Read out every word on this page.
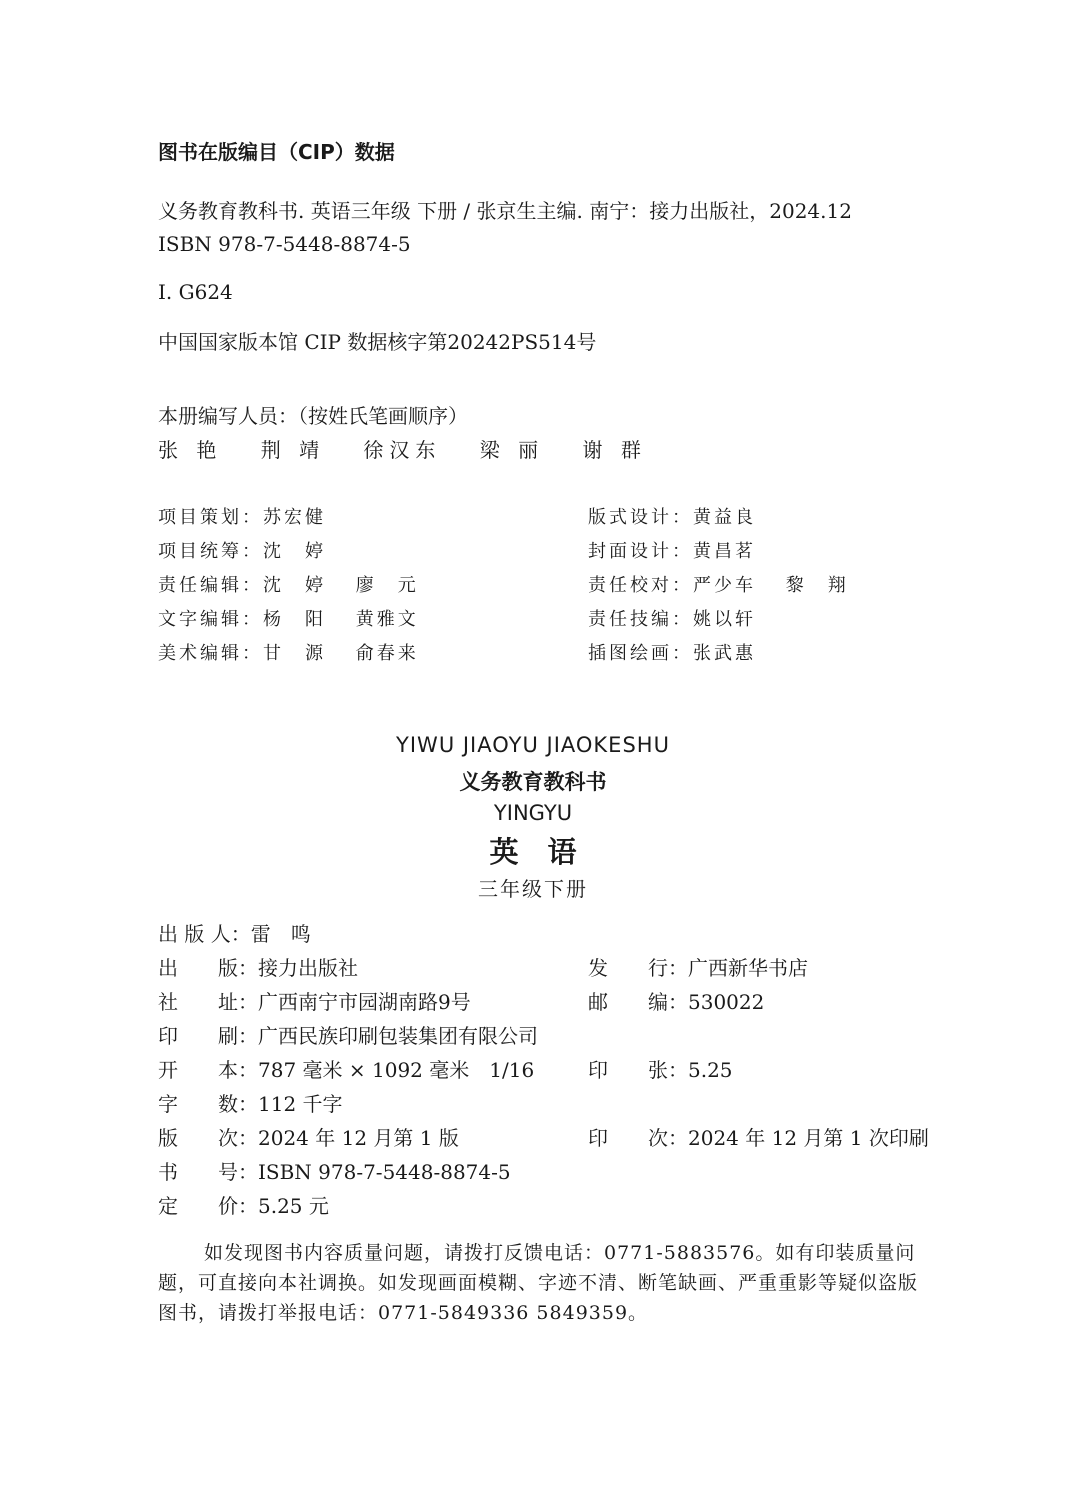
图书在版编目（CIP）数据
义务教育教科书. 英语三年级 下册 / 张京生主编. 南宁：接力出版社，2024.12
ISBN 978-7-5448-8874-5
I. G624
中国国家版本馆 CIP 数据核字第20242PS514号
本册编写人员：（按姓氏笔画顺序）
张 艳　 荆 靖　 徐汉东　 梁 丽　 谢 群
项目策划：苏宏健
项目统筹：沈　婷
责任编辑：沈　婷　 廖　元
文字编辑：杨　阳　 黄雅文
美术编辑：甘　源　 俞春来
版式设计：黄益良
封面设计：黄昌茗
责任校对：严少车　 黎　翔
责任技编：姚以轩
插图绘画：张武惠
YIWU JIAOYU JIAOKESHU
义务教育教科书
YINGYU
英　语
三年级下册
出 版 人：雷　鸣
出　　版：接力出版社
社　　址：广西南宁市园湖南路9号
印　　刷：广西民族印刷包装集团有限公司
开　　本：787 毫米 × 1092 毫米　1/16
字　　数：112 千字
版　　次：2024 年 12 月第 1 版
书　　号：ISBN 978-7-5448-8874-5
定　　价：5.25 元
发　　行：广西新华书店
邮　　编：530022
印　　张：5.25
印　　次：2024 年 12 月第 1 次印刷
如发现图书内容质量问题，请拨打反馈电话：0771-5883576。如有印装质量问题，可直接向本社调换。如发现画面模糊、字迹不清、断笔缺画、严重重影等疑似盗版图书，请拨打举报电话：0771-5849336 5849359。
